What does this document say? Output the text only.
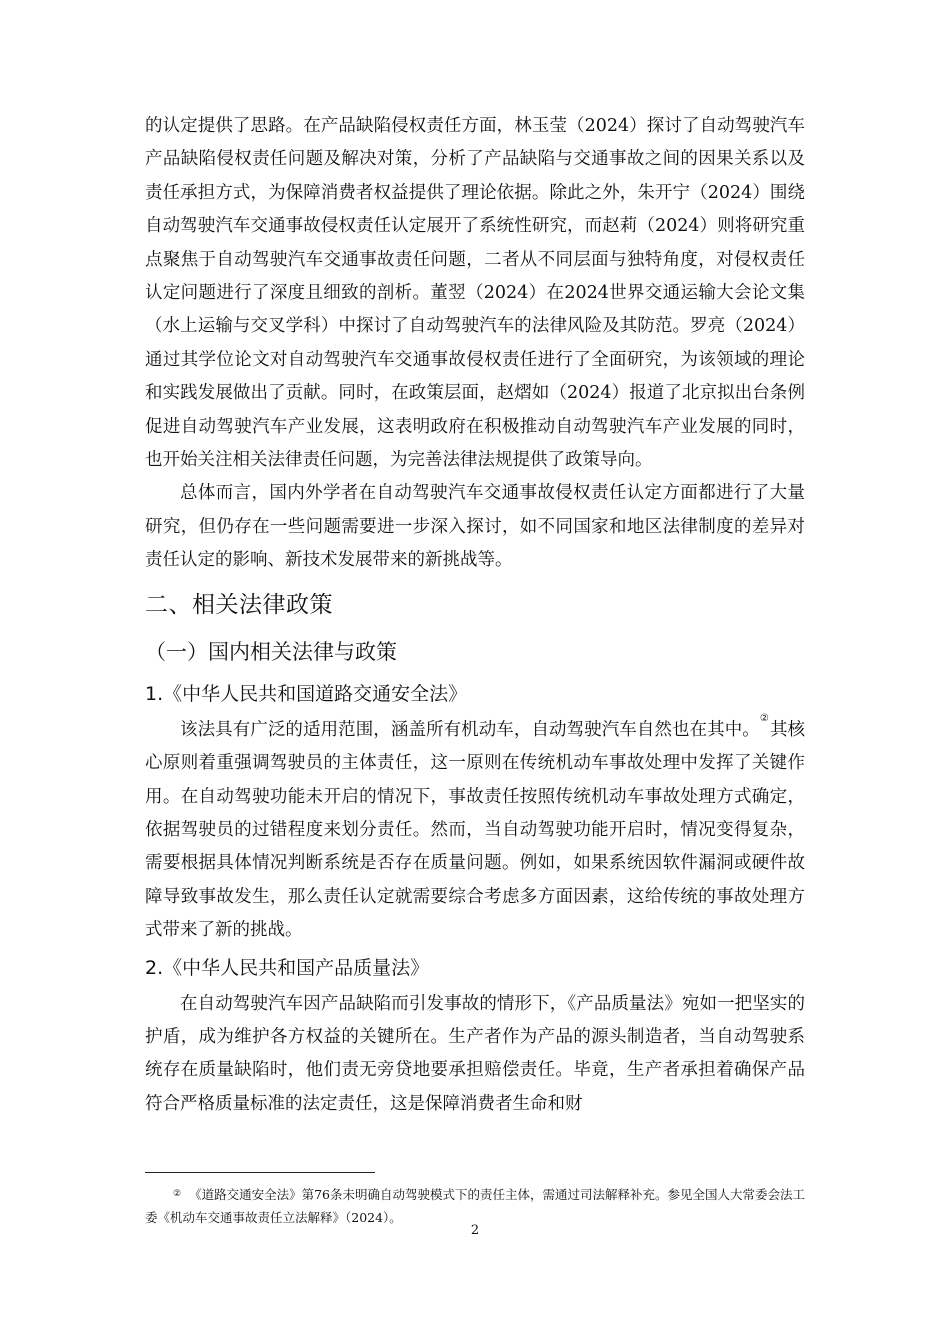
的认定提供了思路。在产品缺陷侵权责任方面，林玉莹（2024）探讨了自动驾驶汽车产品缺陷侵权责任问题及解决对策，分析了产品缺陷与交通事故之间的因果关系以及责任承担方式，为保障消费者权益提供了理论依据。除此之外，朱开宁（2024）围绕自动驾驶汽车交通事故侵权责任认定展开了系统性研究，而赵莉（2024）则将研究重点聚焦于自动驾驶汽车交通事故责任问题，二者从不同层面与独特角度，对侵权责任认定问题进行了深度且细致的剖析。董翌（2024）在2024世界交通运输大会论文集（水上运输与交叉学科）中探讨了自动驾驶汽车的法律风险及其防范。罗亮（2024）通过其学位论文对自动驾驶汽车交通事故侵权责任进行了全面研究，为该领域的理论和实践发展做出了贡献。同时，在政策层面，赵熠如（2024）报道了北京拟出台条例促进自动驾驶汽车产业发展，这表明政府在积极推动自动驾驶汽车产业发展的同时，也开始关注相关法律责任问题，为完善法律法规提供了政策导向。

总体而言，国内外学者在自动驾驶汽车交通事故侵权责任认定方面都进行了大量研究，但仍存在一些问题需要进一步深入探讨，如不同国家和地区法律制度的差异对责任认定的影响、新技术发展带来的新挑战等。

二、相关法律政策
（一）国内相关法律与政策
1.《中华人民共和国道路交通安全法》

该法具有广泛的适用范围，涵盖所有机动车，自动驾驶汽车自然也在其中。②其核心原则着重强调驾驶员的主体责任，这一原则在传统机动车事故处理中发挥了关键作用。在自动驾驶功能未开启的情况下，事故责任按照传统机动车事故处理方式确定，依据驾驶员的过错程度来划分责任。然而，当自动驾驶功能开启时，情况变得复杂，需要根据具体情况判断系统是否存在质量问题。例如，如果系统因软件漏洞或硬件故障导致事故发生，那么责任认定就需要综合考虑多方面因素，这给传统的事故处理方式带来了新的挑战。

2.《中华人民共和国产品质量法》

在自动驾驶汽车因产品缺陷而引发事故的情形下，《产品质量法》宛如一把坚实的护盾，成为维护各方权益的关键所在。生产者作为产品的源头制造者，当自动驾驶系统存在质量缺陷时，他们责无旁贷地要承担赔偿责任。毕竟，生产者承担着确保产品符合严格质量标准的法定责任，这是保障消费者生命和财

② 《道路交通安全法》第76条未明确自动驾驶模式下的责任主体，需通过司法解释补充。参见全国人大常委会法工委《机动车交通事故责任立法解释》（2024）。
2
